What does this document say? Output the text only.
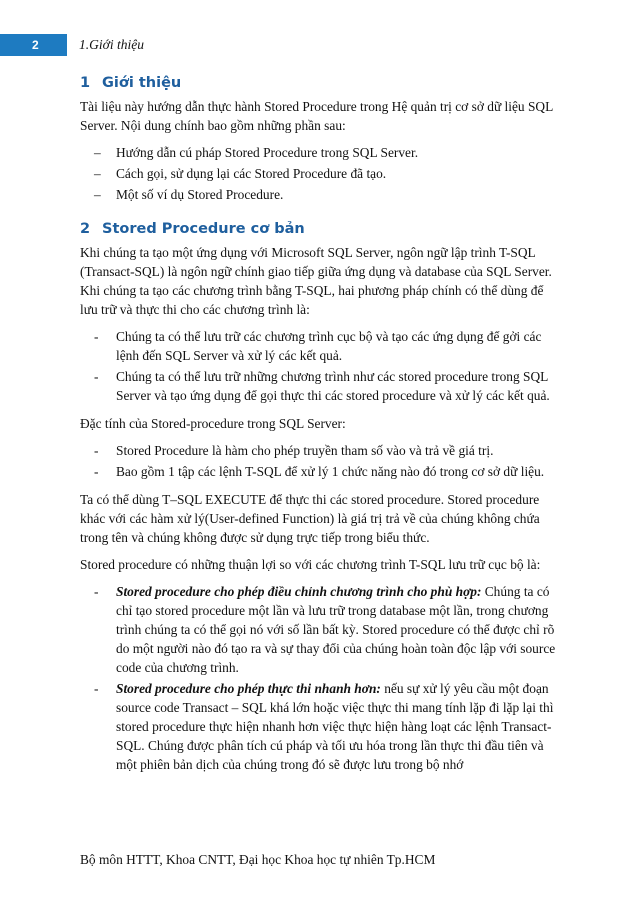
2	1.Giới thiệu
1 Giới thiệu

Tài liệu này hướng dẫn thực hành Stored Procedure trong Hệ quản trị cơ sở dữ liệu SQL Server. Nội dung chính bao gồm những phần sau:

– Hướng dẫn cú pháp Stored Procedure trong SQL Server.
– Cách gọi, sử dụng lại các Stored Procedure đã tạo.
– Một số ví dụ Stored Procedure.
2 Stored Procedure cơ bản

Khi chúng ta tạo một ứng dụng với Microsoft SQL Server, ngôn ngữ lập trình T-SQL (Transact-SQL) là ngôn ngữ chính giao tiếp giữa ứng dụng và database của SQL Server. Khi chúng ta tạo các chương trình bằng T-SQL, hai phương pháp chính có thể dùng để lưu trữ và thực thi cho các chương trình là:

- Chúng ta có thể lưu trữ các chương trình cục bộ và tạo các ứng dụng để gởi các lệnh đến SQL Server và xử lý các kết quả.
- Chúng ta có thể lưu trữ những chương trình như các stored procedure trong SQL Server và tạo ứng dụng để gọi thực thi các stored procedure và xử lý các kết quả.

Đặc tính của Stored-procedure trong SQL Server:

- Stored Procedure là hàm cho phép truyền tham số vào và trả về giá trị.
- Bao gồm 1 tập các lệnh T-SQL để xử lý 1 chức năng nào đó trong cơ sở dữ liệu.

Ta có thể dùng T–SQL EXECUTE để thực thi các stored procedure. Stored procedure khác với các hàm xử lý(User-defined Function) là giá trị trả về của chúng không chứa trong tên và chúng không được sử dụng trực tiếp trong biểu thức.

Stored procedure có những thuận lợi so với các chương trình T-SQL lưu trữ cục bộ là:

- Stored procedure cho phép điều chỉnh chương trình cho phù hợp: Chúng ta có chỉ tạo stored procedure một lần và lưu trữ trong database một lần, trong chương trình chúng ta có thể gọi nó với số lần bất kỳ. Stored procedure có thể được chỉ rõ do một người nào đó tạo ra và sự thay đổi của chúng hoàn toàn độc lập với source code của chương trình.
- Stored procedure cho phép thực thi nhanh hơn: nếu sự xử lý yêu cầu một đoạn source code Transact – SQL khá lớn hoặc việc thực thi mang tính lặp đi lặp lại thì stored procedure thực hiện nhanh hơn việc thực hiện hàng loạt các lệnh Transact-SQL. Chúng được phân tích cú pháp và tối ưu hóa trong lần thực thi đầu tiên và một phiên bản dịch của chúng trong đó sẽ được lưu trong bộ nhớ
Bộ môn HTTT, Khoa CNTT, Đại học Khoa học tự nhiên Tp.HCM
